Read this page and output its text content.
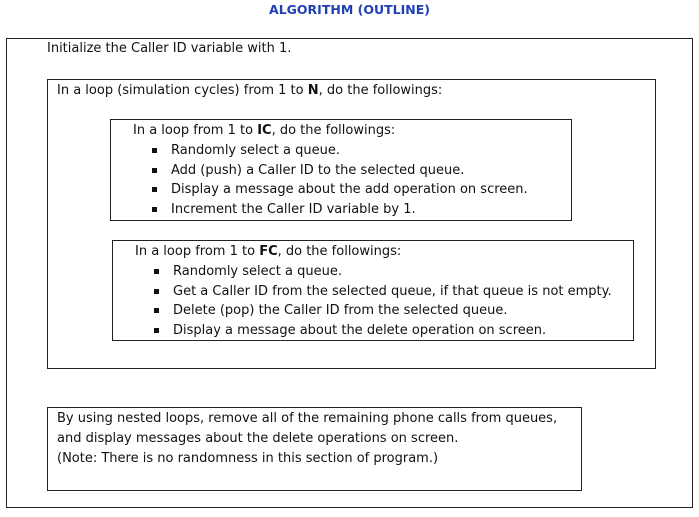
ALGORITHM (OUTLINE)
Initialize the Caller ID variable with 1.
In a loop (simulation cycles) from 1 to N, do the followings:
In a loop from 1 to IC, do the followings:
Randomly select a queue.
Add (push) a Caller ID to the selected queue.
Display a message about the add operation on screen.
Increment the Caller ID variable by 1.
In a loop from 1 to FC, do the followings:
Randomly select a queue.
Get a Caller ID from the selected queue, if that queue is not empty.
Delete (pop) the Caller ID from the selected queue.
Display a message about the delete operation on screen.

By using nested loops, remove all of the remaining phone calls from queues,

and display messages about the delete operations on screen.

(Note: There is no randomness in this section of program.)
